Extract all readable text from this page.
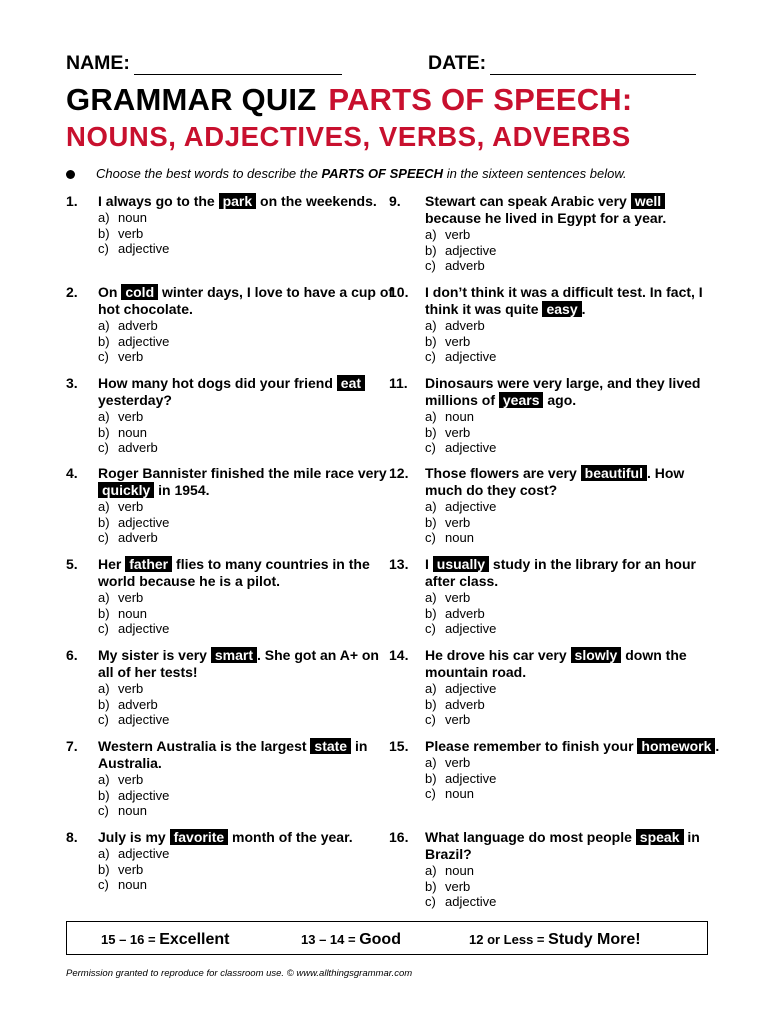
NAME:	DATE:
GRAMMAR QUIZ PARTS OF SPEECH:
NOUNS, ADJECTIVES, VERBS, ADVERBS
Choose the best words to describe the PARTS OF SPEECH in the sixteen sentences below.
1.	I always go to the park on the weekends.
a) noun
b) verb
c) adjective
2.	On cold winter days, I love to have a cup of hot chocolate.
a) adverb
b) adjective
c) verb
3.	How many hot dogs did your friend eat yesterday?
a) verb
b) noun
c) adverb
4.	Roger Bannister finished the mile race very quickly in 1954.
a) verb
b) adjective
c) adverb
5.	Her father flies to many countries in the world because he is a pilot.
a) verb
b) noun
c) adjective
6.	My sister is very smart . She got an A+ on all of her tests!
a) verb
b) adverb
c) adjective
7.	Western Australia is the largest state in Australia.
a) verb
b) adjective
c) noun
8.	July is my favorite month of the year.
a) adjective
b) verb
c) noun
9.	Stewart can speak Arabic very well because he lived in Egypt for a year.
a) verb
b) adjective
c) adverb
10.	I don’t think it was a difficult test. In fact, I think it was quite easy .
a) adverb
b) verb
c) adjective
11.	Dinosaurs were very large, and they lived millions of years ago.
a) noun
b) verb
c) adjective
12.	Those flowers are very beautiful . How much do they cost?
a) adjective
b) verb
c) noun
13.	I usually study in the library for an hour after class.
a) verb
b) adverb
c) adjective
14.	He drove his car very slowly down the mountain road.
a) adjective
b) adverb
c) verb
15.	Please remember to finish your homework .
a) verb
b) adjective
c) noun
16.	What language do most people speak in Brazil?
a) noun
b) verb
c) adjective
15 – 16 = Excellent	13 – 14 = Good	12 or Less = Study More!
Permission granted to reproduce for classroom use. © www.allthingsgrammar.com
